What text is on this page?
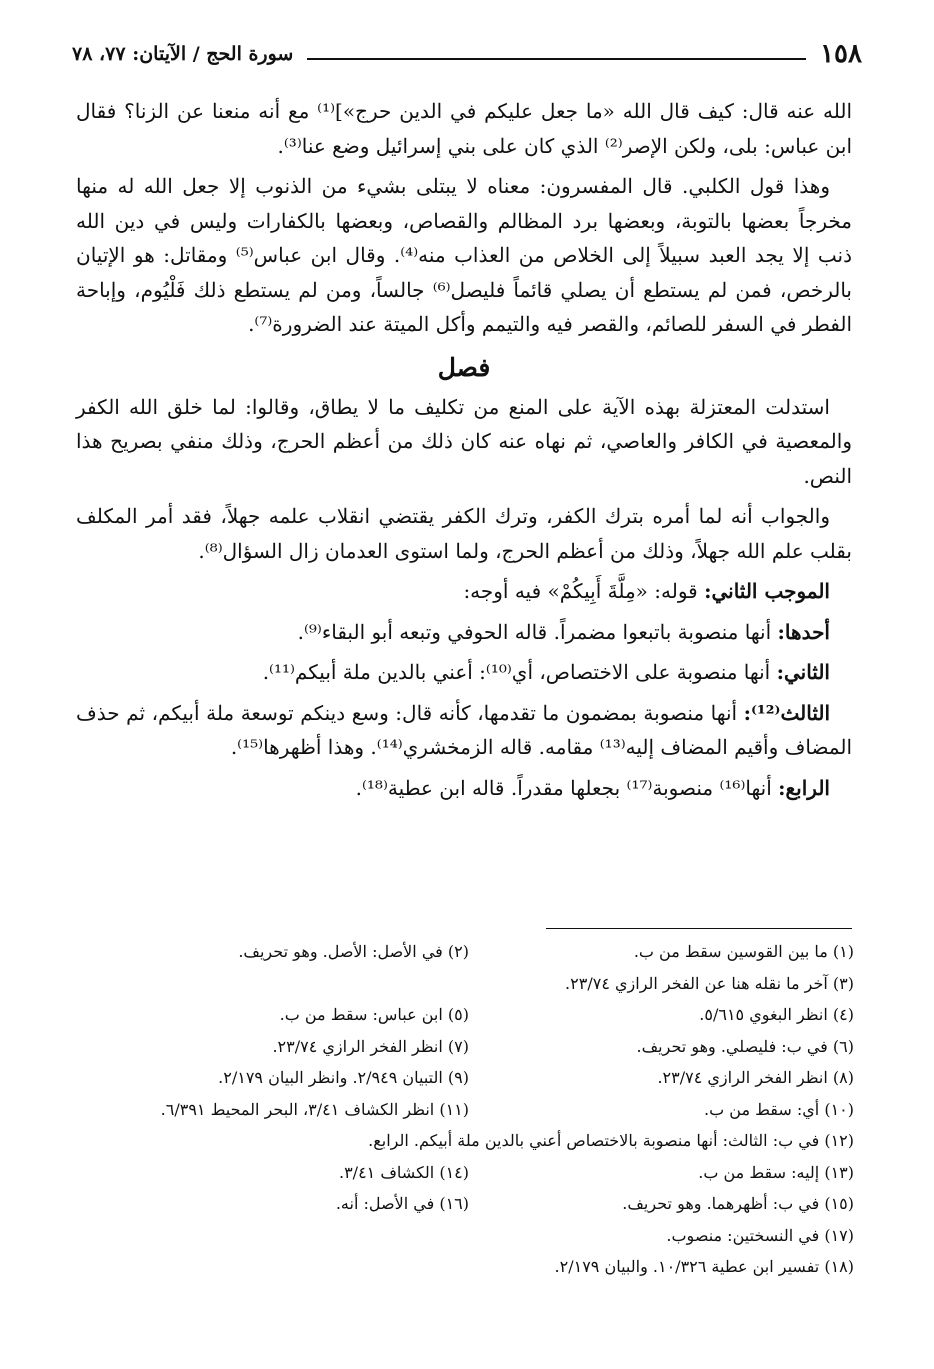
١٥٨
سورة الحج / الآيتان: ٧٧، ٧٨

الله عنه قال: كيف قال الله «ما جعل عليكم في الدين حرج»]⁽¹⁾ مع أنه منعنا عن الزنا؟ فقال ابن عباس: بلى، ولكن الإصر⁽²⁾ الذي كان على بني إسرائيل وضع عنا⁽³⁾.

وهذا قول الكلبي. قال المفسرون: معناه لا يبتلى بشيء من الذنوب إلا جعل الله له منها مخرجاً بعضها بالتوبة، وبعضها برد المظالم والقصاص، وبعضها بالكفارات وليس في دين الله ذنب إلا يجد العبد سبيلاً إلى الخلاص من العذاب منه⁽⁴⁾. وقال ابن عباس⁽⁵⁾ ومقاتل: هو الإتيان بالرخص، فمن لم يستطع أن يصلي قائماً فليصل⁽⁶⁾ جالساً، ومن لم يستطع ذلك فَلْيُوم، وإباحة الفطر في السفر للصائم، والقصر فيه والتيمم وأكل الميتة عند الضرورة⁽⁷⁾.

فصل

استدلت المعتزلة بهذه الآية على المنع من تكليف ما لا يطاق، وقالوا: لما خلق الله الكفر والمعصية في الكافر والعاصي، ثم نهاه عنه كان ذلك من أعظم الحرج، وذلك منفي بصريح هذا النص.

والجواب أنه لما أمره بترك الكفر، وترك الكفر يقتضي انقلاب علمه جهلاً، فقد أمر المكلف بقلب علم الله جهلاً، وذلك من أعظم الحرج، ولما استوى العدمان زال السؤال⁽⁸⁾.

الموجب الثاني: قوله: «مِلَّةَ أَبِيكُمْ» فيه أوجه:

أحدها: أنها منصوبة باتبعوا مضمراً. قاله الحوفي وتبعه أبو البقاء⁽⁹⁾.

الثاني: أنها منصوبة على الاختصاص، أي⁽¹⁰⁾: أعني بالدين ملة أبيكم⁽¹¹⁾.

الثالث⁽¹²⁾: أنها منصوبة بمضمون ما تقدمها، كأنه قال: وسع دينكم توسعة ملة أبيكم، ثم حذف المضاف وأقيم المضاف إليه⁽¹³⁾ مقامه. قاله الزمخشري⁽¹⁴⁾. وهذا أظهرها⁽¹⁵⁾.

الرابع: أنها⁽¹⁶⁾ منصوبة⁽¹⁷⁾ بجعلها مقدراً. قاله ابن عطية⁽¹⁸⁾.

(١) ما بين القوسين سقط من ب.
(٢) في الأصل: الأصل. وهو تحريف.
(٣) آخر ما نقله هنا عن الفخر الرازي ٢٣/٧٤.
(٤) انظر البغوي ٥/٦١٥.
(٥) ابن عباس: سقط من ب.
(٦) في ب: فليصلي. وهو تحريف.
(٧) انظر الفخر الرازي ٢٣/٧٤.
(٨) انظر الفخر الرازي ٢٣/٧٤.
(٩) التبيان ٢/٩٤٩. وانظر البيان ٢/١٧٩.
(١٠) أي: سقط من ب.
(١١) انظر الكشاف ٣/٤١، البحر المحيط ٦/٣٩١.
(١٢) في ب: الثالث: أنها منصوبة بالاختصاص أعني بالدين ملة أبيكم. الرابع.
(١٣) إليه: سقط من ب.
(١٤) الكشاف ٣/٤١.
(١٥) في ب: أظهرهما. وهو تحريف.
(١٦) في الأصل: أنه.
(١٧) في النسختين: منصوب.
(١٨) تفسير ابن عطية ١٠/٣٢٦. والبيان ٢/١٧٩.
